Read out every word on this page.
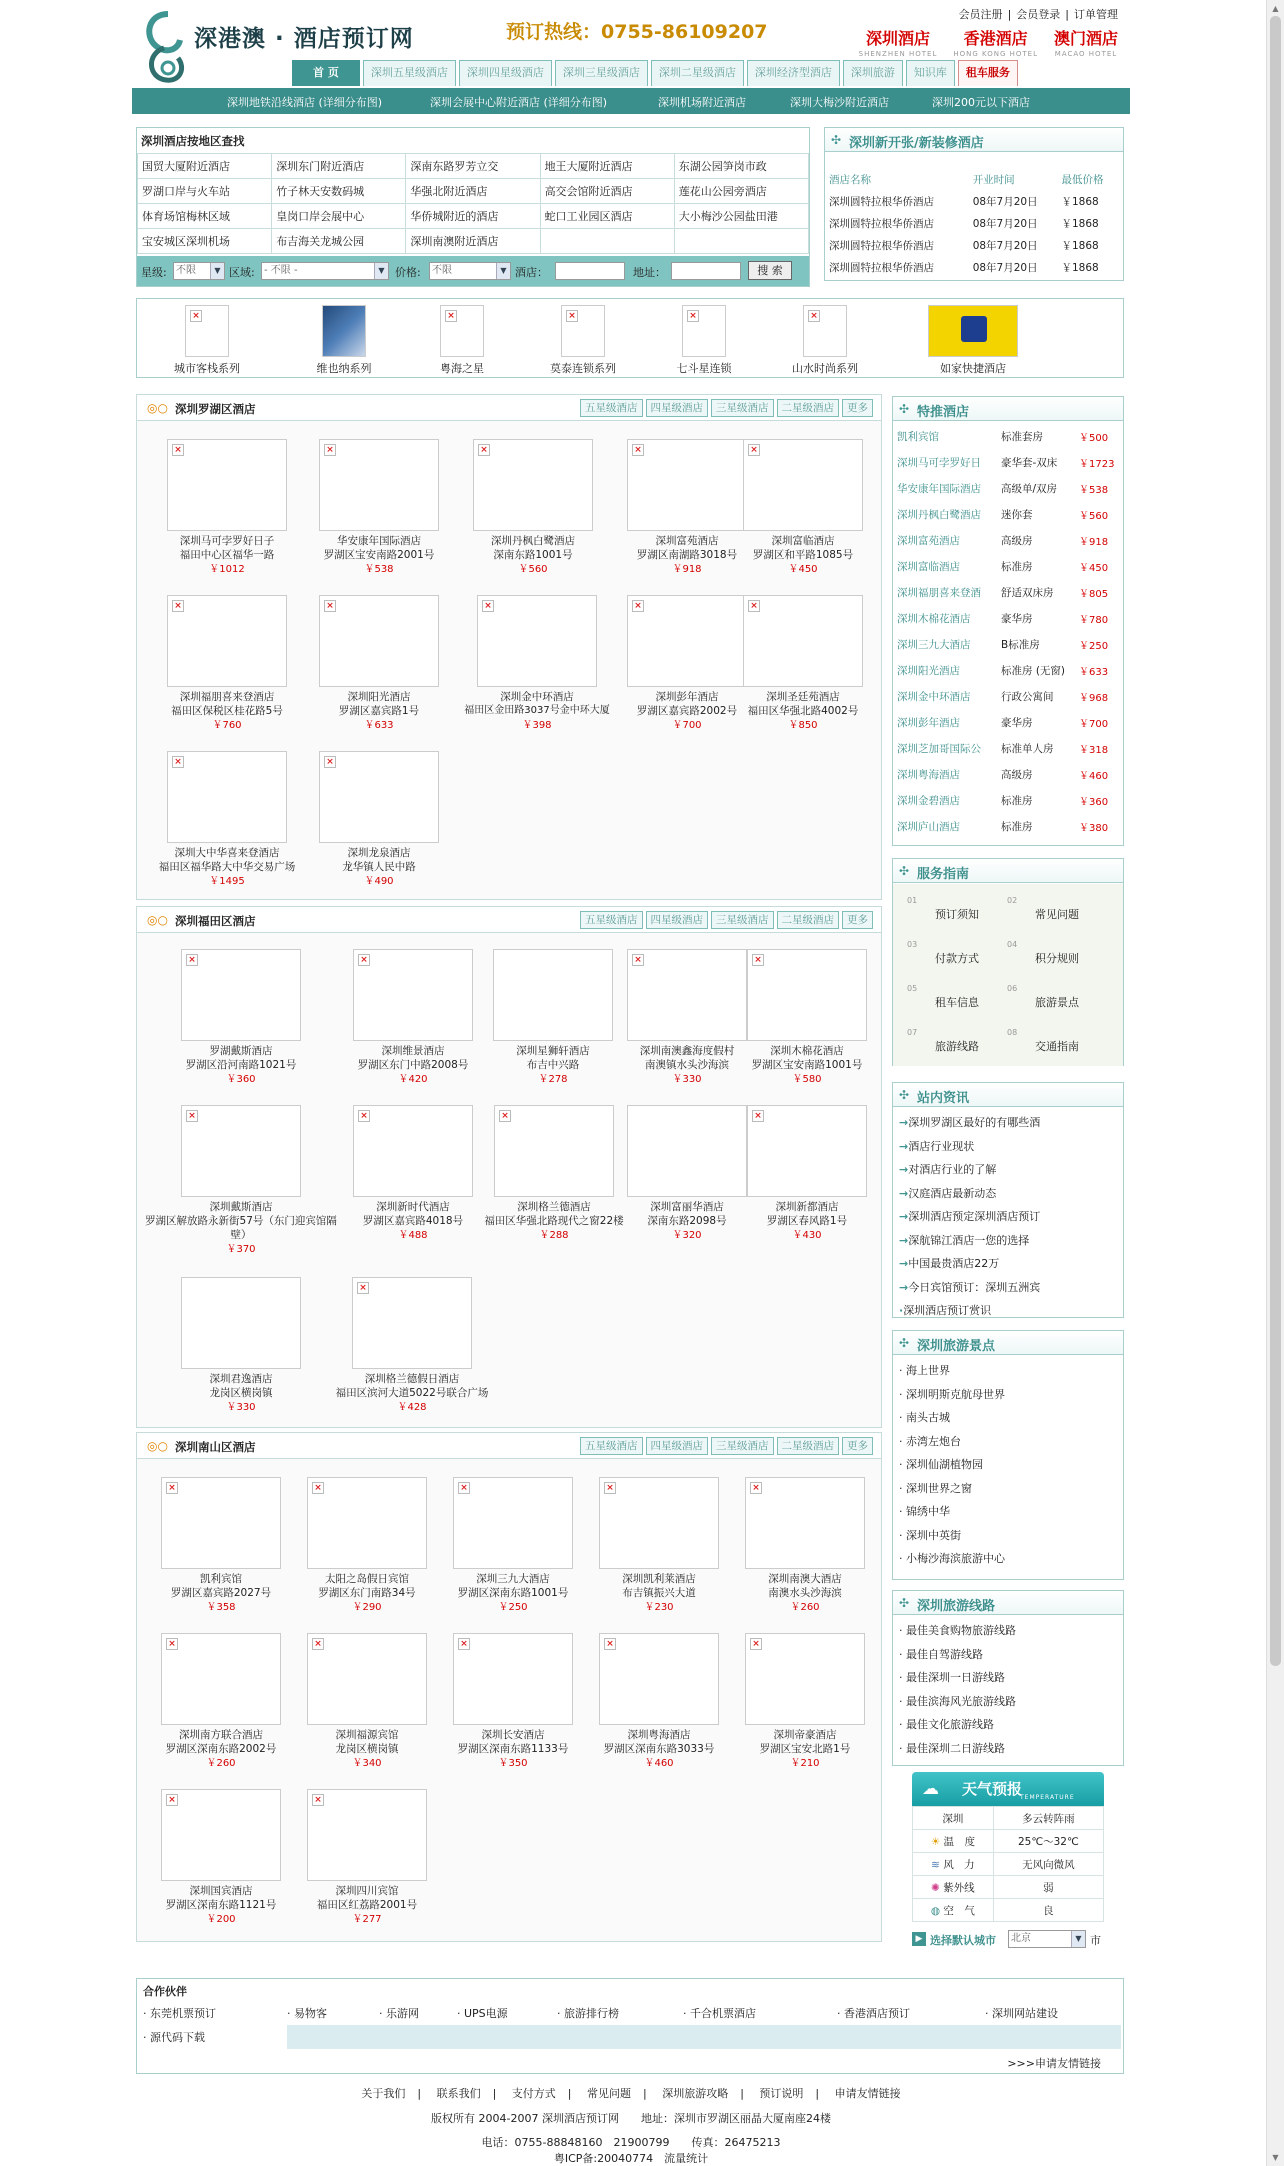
深港澳 · 酒店预订网	预订热线：0755-86109207
会员注册 | 会员登录 | 订单管理
深圳酒店
SHENZHEN HOTEL
香港酒店
HONG KONG HOTEL
澳门酒店
MACAO HOTEL
首 页	深圳五星级酒店	深圳四星级酒店	深圳三星级酒店	深圳二星级酒店	深圳经济型酒店	深圳旅游	知识库	租车服务
深圳地铁沿线酒店 (详细分布图)	深圳会展中心附近酒店 (详细分布图)	深圳机场附近酒店	深圳大梅沙附近酒店	深圳200元以下酒店
深圳酒店按地区查找
国贸大厦附近酒店	深圳东门附近酒店	深南东路罗芳立交	地王大厦附近酒店	东湖公园笋岗市政
罗湖口岸与火车站	竹子林天安数码城	华强北附近酒店	高交会馆附近酒店	莲花山公园旁酒店
体育场馆梅林区域	皇岗口岸会展中心	华侨城附近的酒店	蛇口工业园区酒店	大小梅沙公园盐田港
宝安城区深圳机场	布吉海关龙城公园	深圳南澳附近酒店		
星级: 不限	▼ 区域: - 不限 -	▼ 价格:	不限	▼ 酒店：	地址：	搜 索
✣ 深圳新开张/新装修酒店
酒店名称	开业时间	最低价格
深圳圆特拉根华侨酒店	08年7月20日	￥1868
深圳圆特拉根华侨酒店	08年7月20日	￥1868
深圳圆特拉根华侨酒店	08年7月20日	￥1868
深圳圆特拉根华侨酒店	08年7月20日	￥1868
×
城市客栈系列	维也纳系列
×
粤海之星
×
莫泰连锁系列
×
七斗星连锁
×
山水时尚系列	如家快捷酒店
◎○ 深圳罗湖区酒店	五星级酒店	四星级酒店	三星级酒店	二星级酒店	更多
×
深圳马可孛罗好日子
福田中心区福华一路
￥1012
×
华安康年国际酒店
罗湖区宝安南路2001号
￥538
×
深圳丹枫白鹭酒店
深南东路1001号
￥560
×
深圳富苑酒店
罗湖区南湖路3018号
￥918
×
深圳富临酒店
罗湖区和平路1085号
￥450
×
深圳福朋喜来登酒店
福田区保税区桂花路5号
￥760
×
深圳阳光酒店
罗湖区嘉宾路1号
￥633
×
深圳金中环酒店
福田区金田路3037号金中环大厦
￥398
×
深圳彭年酒店
罗湖区嘉宾路2002号
￥700
×
深圳圣廷苑酒店
福田区华强北路4002号
￥850
×
深圳大中华喜来登酒店
福田区福华路大中华交易广场
￥1495
×
深圳龙泉酒店
龙华镇人民中路
￥490
◎○ 深圳福田区酒店	五星级酒店	四星级酒店	三星级酒店	二星级酒店	更多
×
罗湖戴斯酒店
罗湖区沿河南路1021号
￥360
×
深圳维景酒店
罗湖区东门中路2008号
￥420
深圳星狮轩酒店
布吉中兴路
￥278
×
深圳南澳鑫海度假村
南澳镇水头沙海滨
￥330
×
深圳木棉花酒店
罗湖区宝安南路1001号
￥580
×
深圳戴斯酒店
罗湖区解放路永新街57号（东门迎宾馆隔壁）
￥370
×
深圳新时代酒店
罗湖区嘉宾路4018号
￥488
×
深圳格兰德酒店
福田区华强北路现代之窗22楼
￥288
深圳富丽华酒店
深南东路2098号
￥320
×
深圳新都酒店
罗湖区春风路1号
￥430
深圳君逸酒店
龙岗区横岗镇
￥330
×
深圳格兰德假日酒店
福田区滨河大道5022号联合广场
￥428
◎○ 深圳南山区酒店	五星级酒店	四星级酒店	三星级酒店	二星级酒店	更多
×
凯利宾馆
罗湖区嘉宾路2027号
￥358
×
太阳之岛假日宾馆
罗湖区东门南路34号
￥290
×
深圳三九大酒店
罗湖区深南东路1001号
￥250
×
深圳凯利莱酒店
布吉镇振兴大道
￥230
×
深圳南澳大酒店
南澳水头沙海滨
￥260
×
深圳南方联合酒店
罗湖区深南东路2002号
￥260
×
深圳福源宾馆
龙岗区横岗镇
￥340
×
深圳长安酒店
罗湖区深南东路1133号
￥350
×
深圳粤海酒店
罗湖区深南东路3033号
￥460
×
深圳帝豪酒店
罗湖区宝安北路1号
￥210
×
深圳国宾酒店
罗湖区深南东路1121号
￥200
×
深圳四川宾馆
福田区红荔路2001号
￥277
✣ 特推酒店
凯利宾馆	标准套房	￥500
深圳马可孛罗好日	豪华套-双床	￥1723
华安康年国际酒店	高级单/双房	￥538
深圳丹枫白鹭酒店	迷你套	￥560
深圳富苑酒店	高级房	￥918
深圳富临酒店	标准房	￥450
深圳福朋喜来登酒	舒适双床房	￥805
深圳木棉花酒店	豪华房	￥780
深圳三九大酒店	B标准房	￥250
深圳阳光酒店	标准房 (无窗)	￥633
深圳金中环酒店	行政公寓间	￥968
深圳彭年酒店	豪华房	￥700
深圳芝加哥国际公	标准单人房	￥318
深圳粤海酒店	高级房	￥460
深圳金碧酒店	标准房	￥360
深圳庐山酒店	标准房	￥380
✣ 服务指南
01
预订须知
02
常见问题
03
付款方式
04
积分规则
05
租车信息
06
旅游景点
07
旅游线路
08
交通指南
✣ 站内资讯
→深圳罗湖区最好的有哪些酒
→酒店行业现状
→对酒店行业的了解
→汉庭酒店最新动态
→深圳酒店预定深圳酒店预订
→深航锦江酒店一您的选择
→中国最贵酒店22万
→今日宾馆预订：深圳五洲宾
·深圳酒店预订赏识
✣ 深圳旅游景点
· 海上世界
· 深圳明斯克航母世界
· 南头古城
· 赤湾左炮台
· 深圳仙湖植物园
· 深圳世界之窗
· 锦绣中华
· 深圳中英街
· 小梅沙海滨旅游中心
✣ 深圳旅游线路
· 最佳美食购物旅游线路
· 最佳自驾游线路
· 最佳深圳一日游线路
· 最佳滨海风光旅游线路
· 最佳文化旅游线路
· 最佳深圳二日游线路
☁ 天气预报
TEMPERATURE
深圳	多云转阵雨
☀ 温　度	25℃～32℃
≋ 风　力	无风向微风
✺ 紫外线	弱
◍ 空　气	良
▶ 选择默认城市	北京	▼ 市
合作伙伴
· 东莞机票预订	· 易物客	· 乐游网	· UPS电源	· 旅游排行榜	· 千合机票酒店	· 香港酒店预订	· 深圳网站建设
· 源代码下载
>>>申请友情链接
关于我们 | 联系我们 | 支付方式 | 常见问题 | 深圳旅游攻略 | 预订说明 | 申请友情链接
版权所有 2004-2007 深圳酒店预订网　　地址：深圳市罗湖区丽晶大厦南座24楼
电话：0755-88848160　21900799　　传真：26475213
粤ICP备:20040774　流量统计
▲
▼
